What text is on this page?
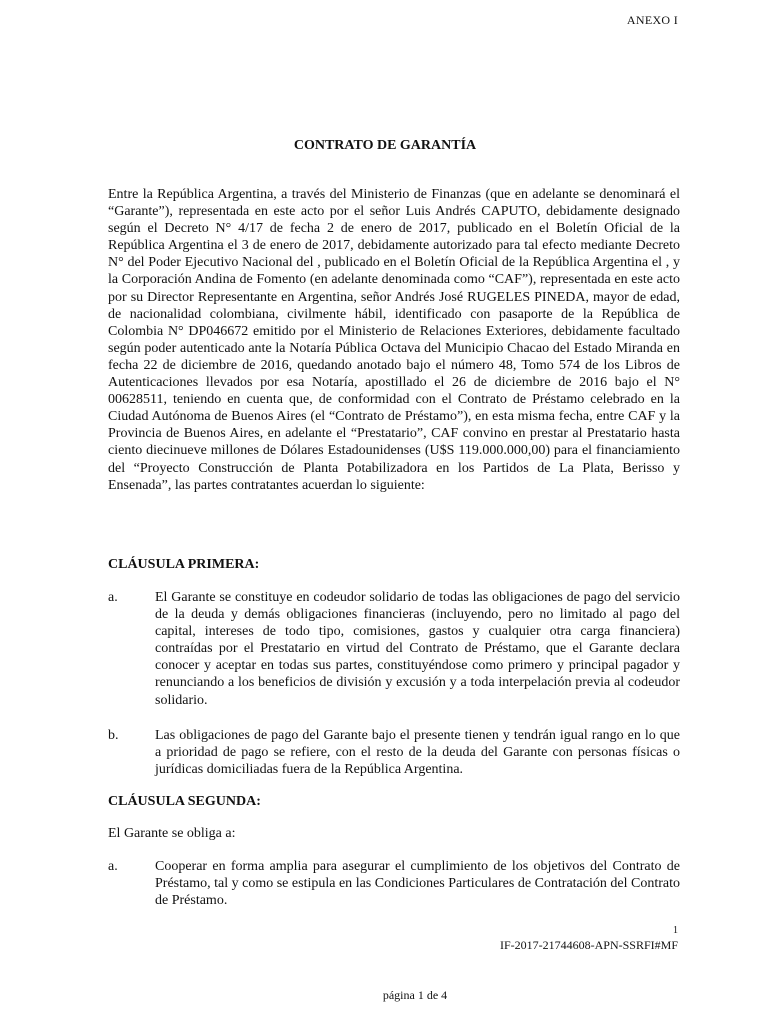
ANEXO I
CONTRATO DE GARANTÍA

Entre la República Argentina, a través del Ministerio de Finanzas (que en adelante se denominará el “Garante”), representada en este acto por el señor Luis Andrés CAPUTO, debidamente designado según el Decreto N° 4/17 de fecha 2 de enero de 2017, publicado en el Boletín Oficial de la República Argentina el 3 de enero de 2017, debidamente autorizado para tal efecto mediante Decreto N° del Poder Ejecutivo Nacional del , publicado en el Boletín Oficial de la República Argentina el , y la Corporación Andina de Fomento (en adelante denominada como “CAF”), representada en este acto por su Director Representante en Argentina, señor Andrés José RUGELES PINEDA, mayor de edad, de nacionalidad colombiana, civilmente hábil, identificado con pasaporte de la República de Colombia N° DP046672 emitido por el Ministerio de Relaciones Exteriores, debidamente facultado según poder autenticado ante la Notaría Pública Octava del Municipio Chacao del Estado Miranda en fecha 22 de diciembre de 2016, quedando anotado bajo el número 48, Tomo 574 de los Libros de Autenticaciones llevados por esa Notaría, apostillado el 26 de diciembre de 2016 bajo el N° 00628511, teniendo en cuenta que, de conformidad con el Contrato de Préstamo celebrado en la Ciudad Autónoma de Buenos Aires (el “Contrato de Préstamo”), en esta misma fecha, entre CAF y la Provincia de Buenos Aires, en adelante el “Prestatario”, CAF convino en prestar al Prestatario hasta ciento diecinueve millones de Dólares Estadounidenses (U$S 119.000.000,00) para el financiamiento del “Proyecto Construcción de Planta Potabilizadora en los Partidos de La Plata, Berisso y Ensenada”, las partes contratantes acuerdan lo siguiente:

CLÁUSULA PRIMERA:
a.	El Garante se constituye en codeudor solidario de todas las obligaciones de pago del servicio de la deuda y demás obligaciones financieras (incluyendo, pero no limitado al pago del capital, intereses de todo tipo, comisiones, gastos y cualquier otra carga financiera) contraídas por el Prestatario en virtud del Contrato de Préstamo, que el Garante declara conocer y aceptar en todas sus partes, constituyéndose como primero y principal pagador y renunciando a los beneficios de división y excusión y a toda interpelación previa al codeudor solidario.
b.	Las obligaciones de pago del Garante bajo el presente tienen y tendrán igual rango en lo que a prioridad de pago se refiere, con el resto de la deuda del Garante con personas físicas o jurídicas domiciliadas fuera de la República Argentina.
CLÁUSULA SEGUNDA:
El Garante se obliga a:
a.	Cooperar en forma amplia para asegurar el cumplimiento de los objetivos del Contrato de Préstamo, tal y como se estipula en las Condiciones Particulares de Contratación del Contrato de Préstamo.
1
IF-2017-21744608-APN-SSRFI#MF
página 1 de 4
